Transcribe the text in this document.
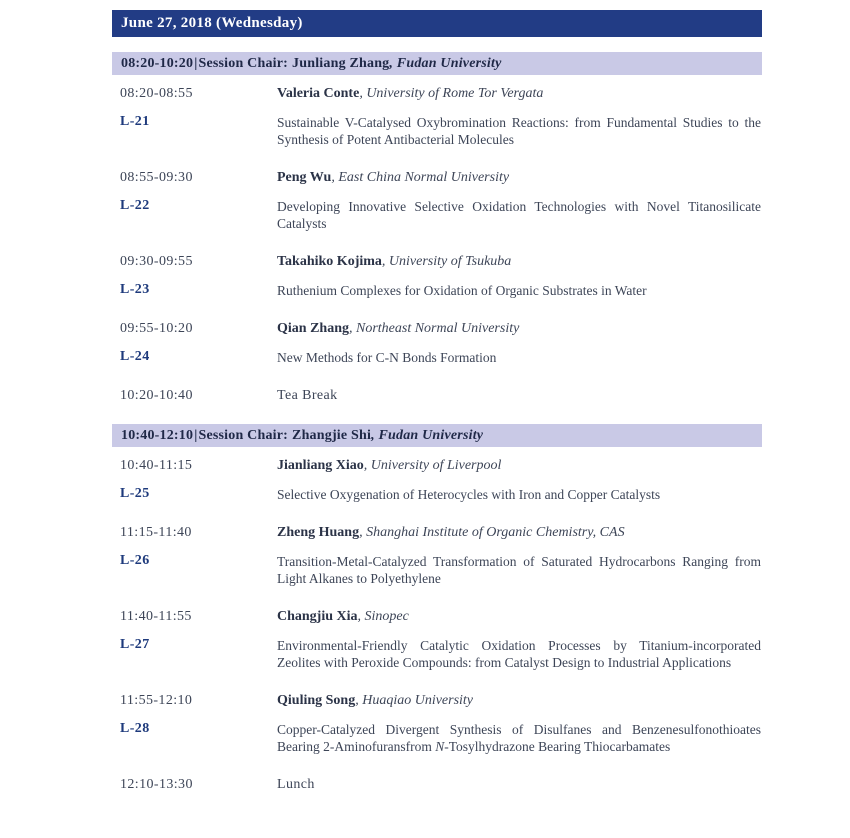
June 27, 2018 (Wednesday)
08:20-10:20|Session Chair: Junliang Zhang, Fudan University
08:20-08:55	Valeria Conte, University of Rome Tor Vergata
L-21	Sustainable V-Catalysed Oxybromination Reactions: from Fundamental Studies to the Synthesis of Potent Antibacterial Molecules
08:55-09:30	Peng Wu, East China Normal University
L-22	Developing Innovative Selective Oxidation Technologies with Novel Titanosilicate Catalysts
09:30-09:55	Takahiko Kojima, University of Tsukuba
L-23	Ruthenium Complexes for Oxidation of Organic Substrates in Water
09:55-10:20	Qian Zhang, Northeast Normal University
L-24	New Methods for C-N Bonds Formation
10:20-10:40	Tea Break
10:40-12:10|Session Chair: Zhangjie Shi, Fudan University
10:40-11:15	Jianliang Xiao, University of Liverpool
L-25	Selective Oxygenation of Heterocycles with Iron and Copper Catalysts
11:15-11:40	Zheng Huang, Shanghai Institute of Organic Chemistry, CAS
L-26	Transition-Metal-Catalyzed Transformation of Saturated Hydrocarbons Ranging from Light Alkanes to Polyethylene
11:40-11:55	Changjiu Xia, Sinopec
L-27	Environmental-Friendly Catalytic Oxidation Processes by Titanium-incorporated Zeolites with Peroxide Compounds: from Catalyst Design to Industrial Applications
11:55-12:10	Qiuling Song, Huaqiao University
L-28	Copper-Catalyzed Divergent Synthesis of Disulfanes and Benzenesulfonothioates Bearing 2-Aminofuransfrom N-Tosylhydrazone Bearing Thiocarbamates
12:10-13:30	Lunch
